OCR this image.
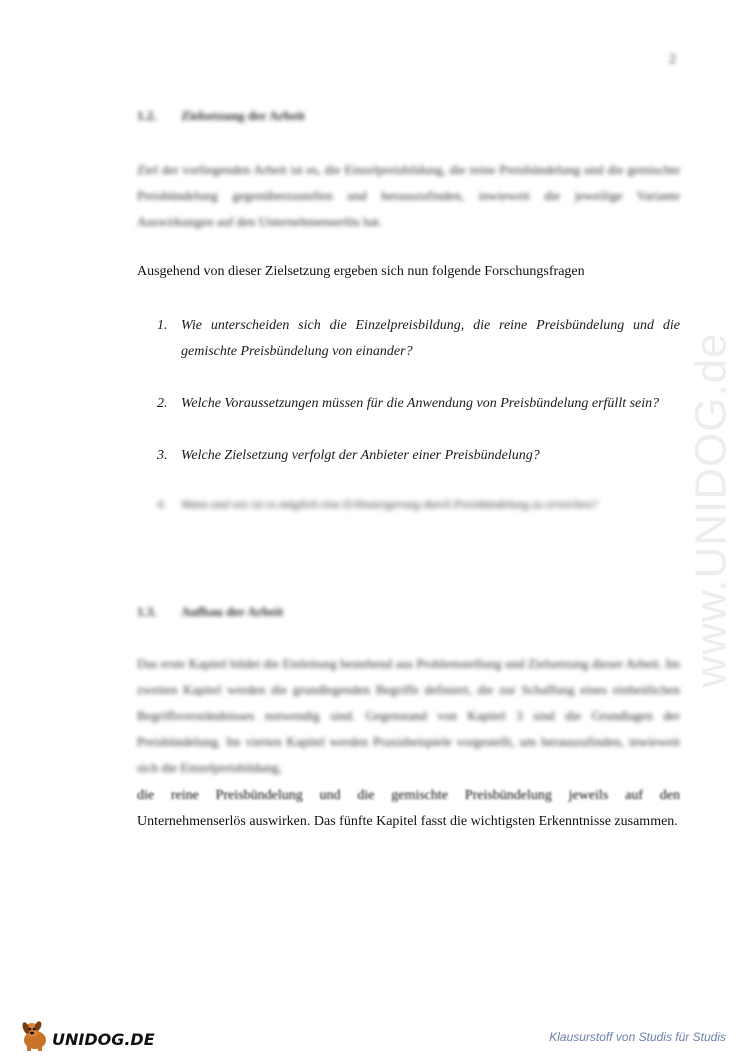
www.UNIDOG.de
2
1.2. Zielsetzung der Arbeit
Ziel der vorliegenden Arbeit ist es, die Einzelpreisbildung, die reine Preisbündelung und die gemischte Preisbündelung gegenüberzustellen und herauszufinden, inwieweit die jeweilige Variante Auswirkungen auf den Unternehmenserlös hat.
Ausgehend von dieser Zielsetzung ergeben sich nun folgende Forschungsfragen
1. Wie unterscheiden sich die Einzelpreisbildung, die reine Preisbündelung und die gemischte Preisbündelung von einander?
2. Welche Voraussetzungen müssen für die Anwendung von Preisbündelung erfüllt sein?
3. Welche Zielsetzung verfolgt der Anbieter einer Preisbündelung?
4.	Wann und wie ist es möglich eine Erlössteigerung durch Preisbündelung zu erreichen?
1.3. Aufbau der Arbeit
Das erste Kapitel bildet die Einleitung bestehend aus Problemstellung und Zielsetzung dieser Arbeit. Im zweiten Kapitel werden die grundlegenden Begriffe definiert, die zur Schaffung eines einheitlichen Begriffsverständnisses notwendig sind. Gegenstand von Kapitel 3 sind die Grundlagen der Preisbündelung. Im vierten Kapitel werden Praxisbeispiele vorgestellt, um herauszufinden, inwieweit sich die Einzelpreisbildung,
die reine Preisbündelung und die gemischte Preisbündelung jeweils auf den
Unternehmenserlös auswirken. Das fünfte Kapitel fasst die wichtigsten Erkenntnisse zusammen.
UNIDOG.DE	Klausurstoff von Studis für Studis
